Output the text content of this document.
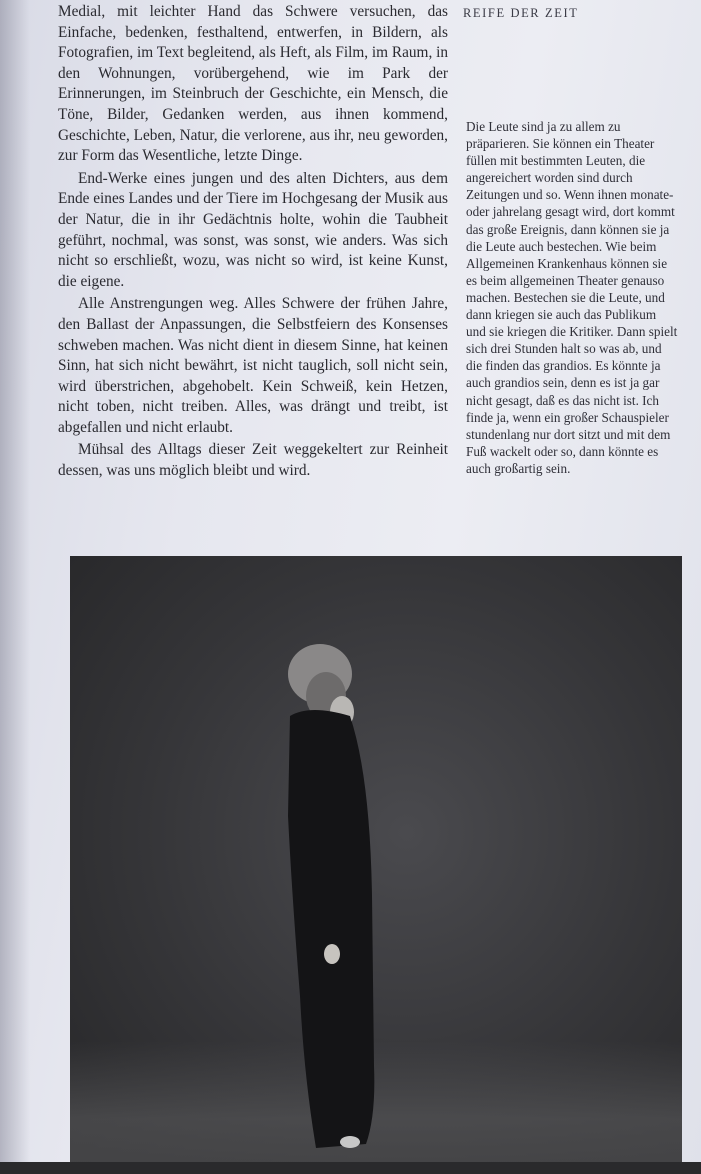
Medial, mit leichter Hand das Schwere versuchen, das Einfache, bedenken, festhaltend, entwerfen, in Bildern, als Fotografien, im Text begleitend, als Heft, als Film, im Raum, in den Wohnungen, vorübergehend, wie im Park der Erinnerungen, im Steinbruch der Geschichte, ein Mensch, die Töne, Bilder, Gedanken werden, aus ihnen kommend, Geschichte, Leben, Natur, die verlorene, aus ihr, neu geworden, zur Form das Wesentliche, letzte Dinge.

End-Werke eines jungen und des alten Dichters, aus dem Ende eines Landes und der Tiere im Hochgesang der Musik aus der Natur, die in ihr Gedächtnis holte, wohin die Taubheit geführt, nochmal, was sonst, was sonst, wie anders. Was sich nicht so erschließt, wozu, was nicht so wird, ist keine Kunst, die eigene.

Alle Anstrengungen weg. Alles Schwere der frühen Jahre, den Ballast der Anpassungen, die Selbstfeiern des Konsenses schweben machen. Was nicht dient in diesem Sinne, hat keinen Sinn, hat sich nicht bewährt, ist nicht tauglich, soll nicht sein, wird überstrichen, abgehobelt. Kein Schweiß, kein Hetzen, nicht toben, nicht treiben. Alles, was drängt und treibt, ist abgefallen und nicht erlaubt.

Mühsal des Alltags dieser Zeit weggekeltert zur Reinheit dessen, was uns möglich bleibt und wird.

REIFE DER ZEIT

Die Leute sind ja zu allem zu präparieren. Sie können ein Theater füllen mit bestimmten Leuten, die angereichert worden sind durch Zeitungen und so. Wenn ihnen monate- oder jahrelang gesagt wird, dort kommt das große Ereignis, dann können sie ja die Leute auch bestechen. Wie beim Allgemeinen Krankenhaus können sie es beim allgemeinen Theater genauso machen. Bestechen sie die Leute, und dann kriegen sie auch das Publikum und sie kriegen die Kritiker. Dann spielt sich drei Stunden halt so was ab, und die finden das grandios. Es könnte ja auch grandios sein, denn es ist ja gar nicht gesagt, daß es das nicht ist. Ich finde ja, wenn ein großer Schauspieler stundenlang nur dort sitzt und mit dem Fuß wackelt oder so, dann könnte es auch großartig sein.
